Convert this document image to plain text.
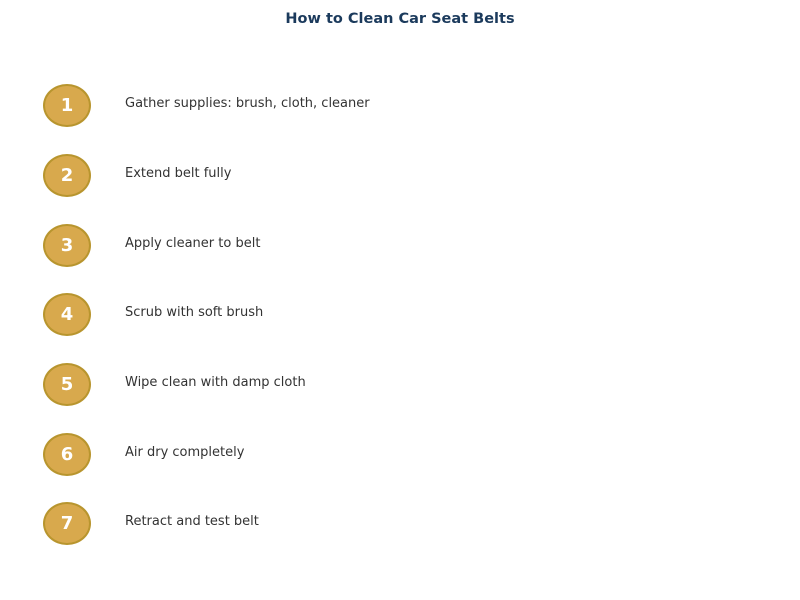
How to Clean Car Seat Belts
1	Gather supplies: brush, cloth, cleaner
2	Extend belt fully
3	Apply cleaner to belt
4	Scrub with soft brush
5	Wipe clean with damp cloth
6	Air dry completely
7	Retract and test belt
